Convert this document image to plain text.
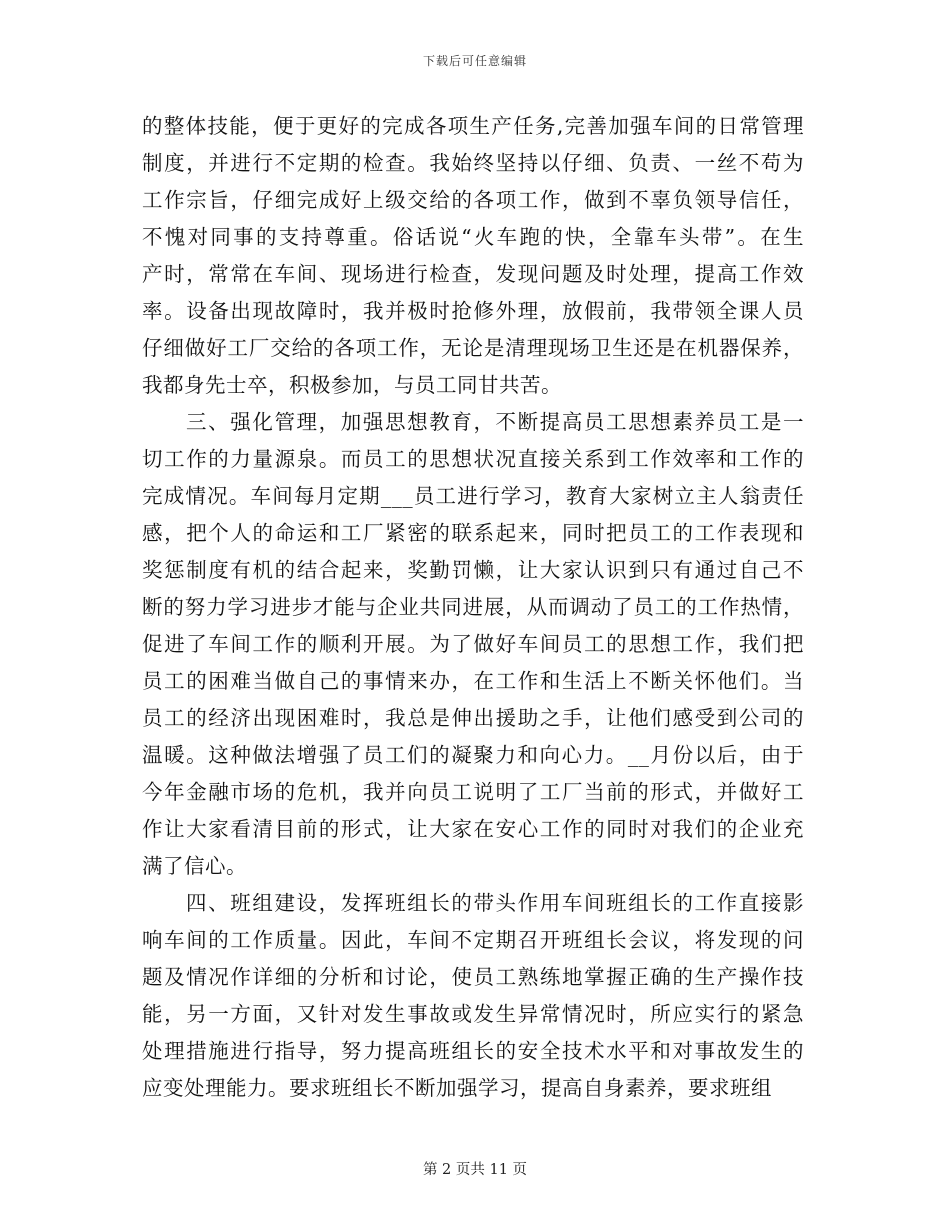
下载后可任意编辑
的整体技能，便于更好的完成各项生产任务,完善加强车间的日常管理
制度，并进行不定期的检查。我始终坚持以仔细、负责、一丝不苟为
工作宗旨，仔细完成好上级交给的各项工作，做到不辜负领导信任，
不愧对同事的支持尊重。俗话说“火车跑的快，全靠车头带”。在生
产时，常常在车间、现场进行检查，发现问题及时处理，提高工作效
率。设备出现故障时，我并极时抢修外理，放假前，我带领全课人员
仔细做好工厂交给的各项工作，无论是清理现场卫生还是在机器保养，
我都身先士卒，积极参加，与员工同甘共苦。
三、强化管理，加强思想教育，不断提高员工思想素养员工是一
切工作的力量源泉。而员工的思想状况直接关系到工作效率和工作的
完成情况。车间每月定期___员工进行学习，教育大家树立主人翁责任
感，把个人的命运和工厂紧密的联系起来，同时把员工的工作表现和
奖惩制度有机的结合起来，奖勤罚懒，让大家认识到只有通过自己不
断的努力学习进步才能与企业共同进展，从而调动了员工的工作热情，
促进了车间工作的顺利开展。为了做好车间员工的思想工作，我们把
员工的困难当做自己的事情来办，在工作和生活上不断关怀他们。当
员工的经济出现困难时，我总是伸出援助之手，让他们感受到公司的
温暖。这种做法增强了员工们的凝聚力和向心力。__月份以后，由于
今年金融市场的危机，我并向员工说明了工厂当前的形式，并做好工
作让大家看清目前的形式，让大家在安心工作的同时对我们的企业充
满了信心。
四、班组建设，发挥班组长的带头作用车间班组长的工作直接影
响车间的工作质量。因此，车间不定期召开班组长会议，将发现的问
题及情况作详细的分析和讨论，使员工熟练地掌握正确的生产操作技
能，另一方面，又针对发生事故或发生异常情况时，所应实行的紧急
处理措施进行指导，努力提高班组长的安全技术水平和对事故发生的
应变处理能力。要求班组长不断加强学习，提高自身素养，要求班组
第 2 页共 11 页
